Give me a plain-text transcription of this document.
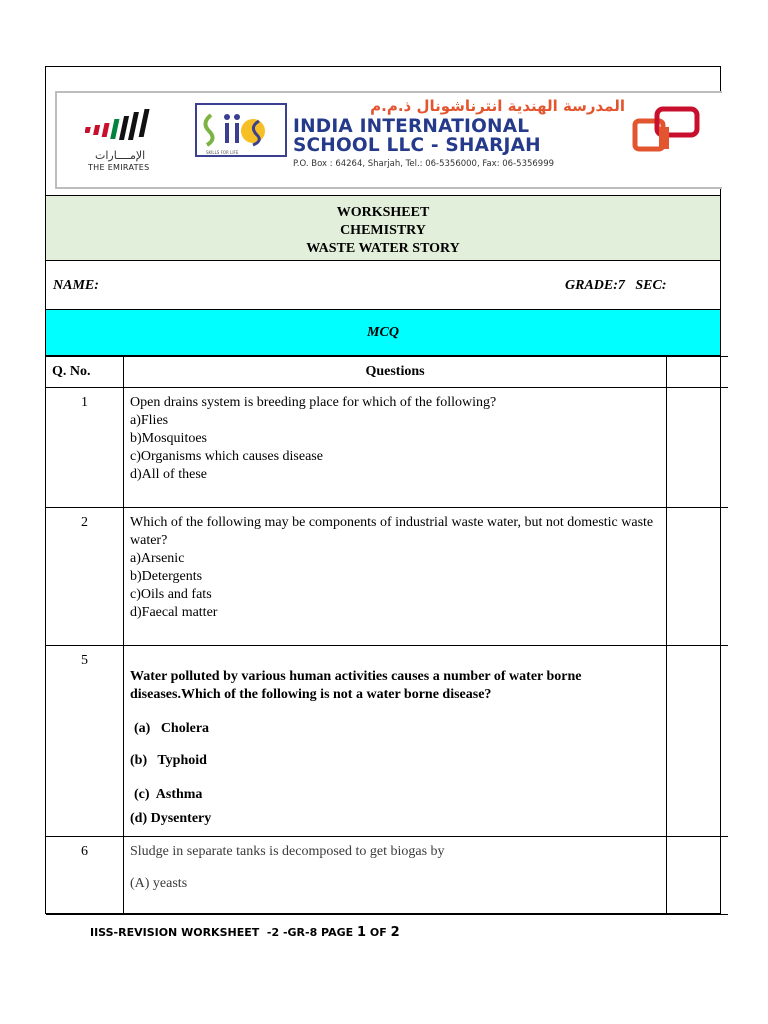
الإمــــارات
THE EMIRATES
SKILLS FOR LIFE
المدرسة الهندية انترناشونال ذ.م.م
INDIA INTERNATIONAL
SCHOOL LLC - SHARJAH
P.O. Box : 64264, Sharjah, Tel.: 06-5356000, Fax: 06-5356999
WORKSHEET
CHEMISTRY
WASTE WATER STORY
NAME:	GRADE:7   SEC:
MCQ
Q. No.	Questions	
1	Open drains system is breeding place for which of the following?
a)Flies
b)Mosquitoes
c)Organisms which causes disease
d)All of these	

2	Which of the following may be components of industrial waste water, but not domestic waste water?
a)Arsenic
b)Detergents
c)Oils and fats
d)Faecal matter	

5	Water polluted by various human activities causes a number of water borne diseases.Which of the following is not a water borne disease?
(a)   Cholera
(b)   Typhoid
(c)  Asthma
(d) Dysentery	

6	Sludge in separate tanks is decomposed to get biogas by
(A) yeasts	

IISS-REVISION WORKSHEET  -2 -GR-8 PAGE 1 OF 2
